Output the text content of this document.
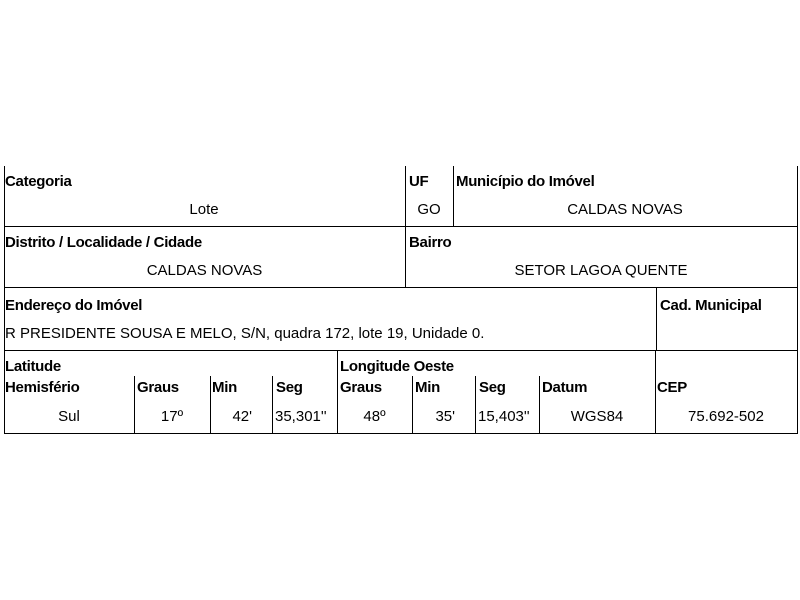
Categoria
Lote
UF
GO
Município do Imóvel
CALDAS NOVAS
Distrito / Localidade / Cidade
CALDAS NOVAS
Bairro
SETOR LAGOA QUENTE
Endereço do Imóvel
R PRESIDENTE SOUSA E MELO, S/N, quadra 172, lote 19, Unidade 0.
Cad. Municipal
Latitude
Hemisfério
Sul
Graus
17º
Min
42'
Seg
35,301''
Longitude Oeste
Graus
48º
Min
35'
Seg
15,403''
Datum
WGS84
CEP
75.692-502
